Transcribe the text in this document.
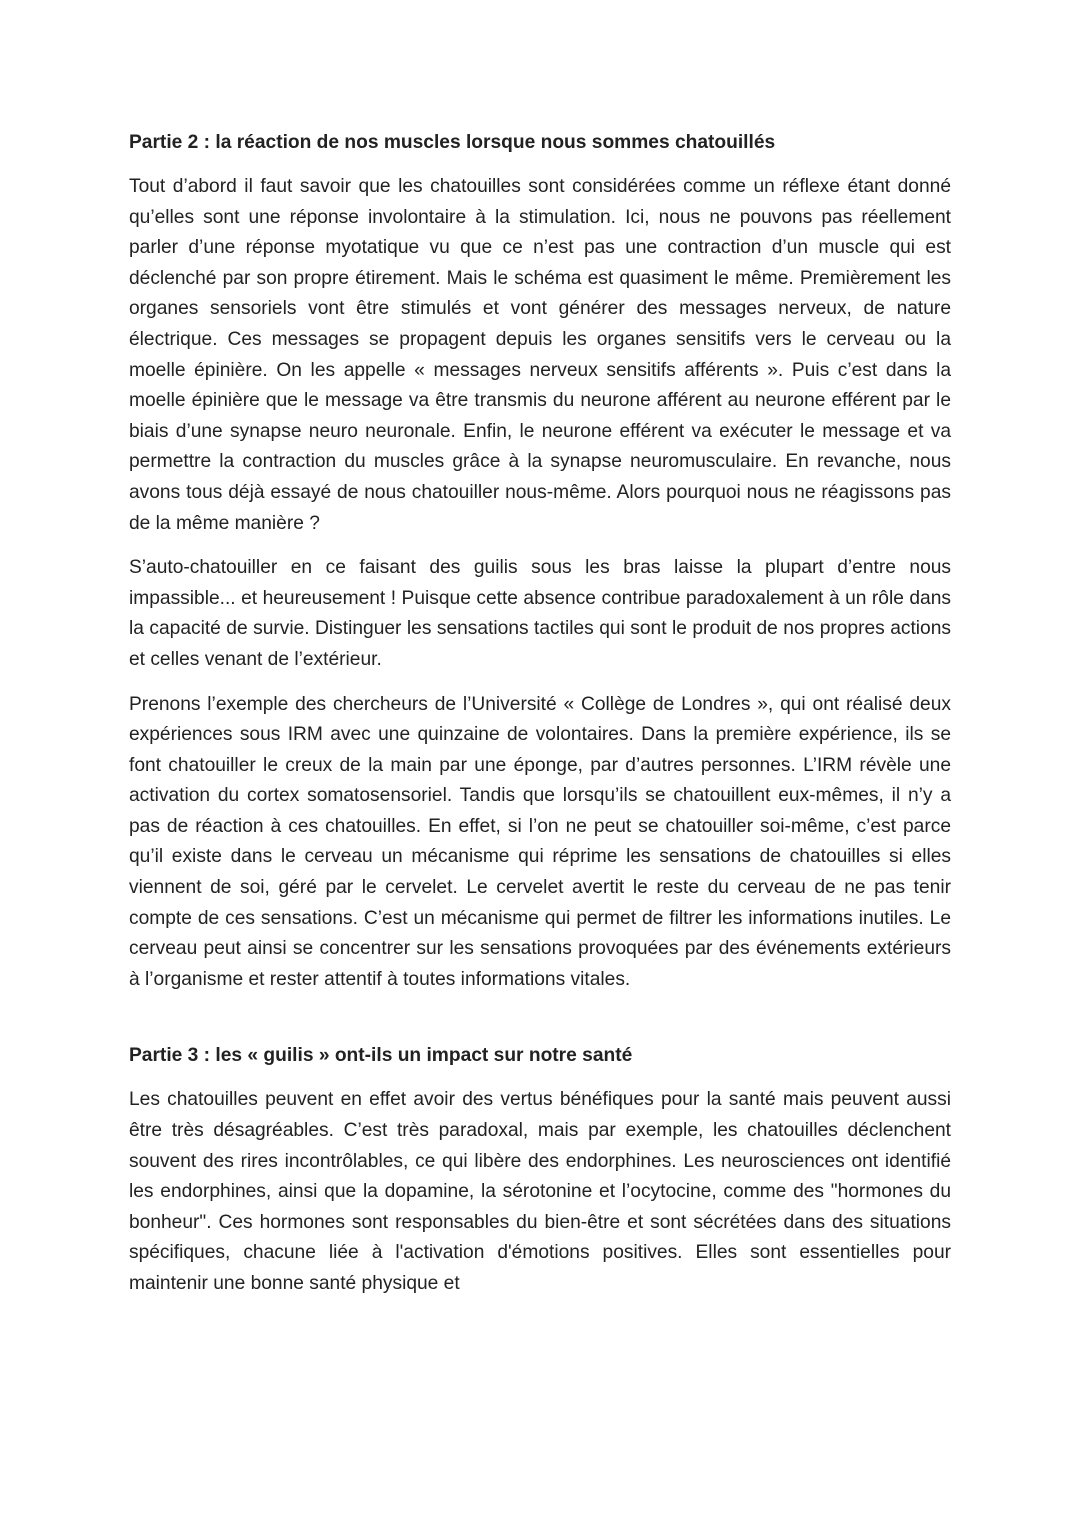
Partie 2 : la réaction de nos muscles lorsque nous sommes chatouillés

Tout d’abord il faut savoir que les chatouilles sont considérées comme un réflexe étant donné qu’elles sont une réponse involontaire à la stimulation. Ici, nous ne pouvons pas réellement parler d’une réponse myotatique vu que ce n’est pas une contraction d’un muscle qui est déclenché par son propre étirement. Mais le schéma est quasiment le même. Premièrement les organes sensoriels vont être stimulés et vont générer des messages nerveux, de nature électrique. Ces messages se propagent depuis les organes sensitifs vers le cerveau ou la moelle épinière. On les appelle « messages nerveux sensitifs afférents ». Puis c’est dans la moelle épinière que le message va être transmis du neurone afférent au neurone efférent par le biais d’une synapse neuro neuronale. Enfin, le neurone efférent va exécuter le message et va permettre la contraction du muscles grâce à la synapse neuromusculaire. En revanche, nous avons tous déjà essayé de nous chatouiller nous-même. Alors pourquoi nous ne réagissons pas de la même manière ?

S’auto-chatouiller en ce faisant des guilis sous les bras laisse la plupart d’entre nous impassible... et heureusement ! Puisque cette absence contribue paradoxalement à un rôle dans la capacité de survie. Distinguer les sensations tactiles qui sont le produit de nos propres actions et celles venant de l’extérieur.

Prenons l’exemple des chercheurs de l’Université « Collège de Londres », qui ont réalisé deux expériences sous IRM avec une quinzaine de volontaires. Dans la première expérience, ils se font chatouiller le creux de la main par une éponge, par d’autres personnes. L’IRM révèle une activation du cortex somatosensoriel. Tandis que lorsqu’ils se chatouillent eux-mêmes, il n’y a pas de réaction à ces chatouilles. En effet, si l’on ne peut se chatouiller soi-même, c’est parce qu’il existe dans le cerveau un mécanisme qui réprime les sensations de chatouilles si elles viennent de soi, géré par le cervelet. Le cervelet avertit le reste du cerveau de ne pas tenir compte de ces sensations. C’est un mécanisme qui permet de filtrer les informations inutiles. Le cerveau peut ainsi se concentrer sur les sensations provoquées par des événements extérieurs à l’organisme et rester attentif à toutes informations vitales.

Partie 3 : les « guilis » ont-ils un impact sur notre santé

Les chatouilles peuvent en effet avoir des vertus bénéfiques pour la santé mais peuvent aussi être très désagréables. C’est très paradoxal, mais par exemple, les chatouilles déclenchent souvent des rires incontrôlables, ce qui libère des endorphines. Les neurosciences ont identifié les endorphines, ainsi que la dopamine, la sérotonine et l’ocytocine, comme des "hormones du bonheur". Ces hormones sont responsables du bien-être et sont sécrétées dans des situations spécifiques, chacune liée à l'activation d'émotions positives. Elles sont essentielles pour maintenir une bonne santé physique et
